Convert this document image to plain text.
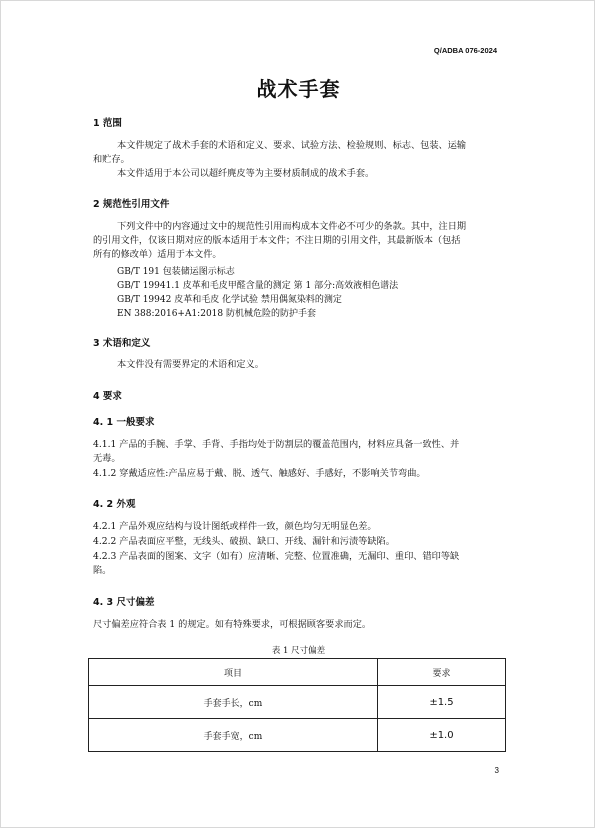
Q/ADBA 076-2024
战术手套
1 范围
本文件规定了战术手套的术语和定义、要求、试验方法、检验规则、标志、包装、运输
和贮存。
本文件适用于本公司以超纤麂皮等为主要材质制成的战术手套。
2 规范性引用文件
下列文件中的内容通过文中的规范性引用而构成本文件必不可少的条款。其中，注日期
的引用文件，仅该日期对应的版本适用于本文件；不注日期的引用文件，其最新版本（包括
所有的修改单）适用于本文件。
GB/T 191 包装储运图示标志
GB/T 19941.1 皮革和毛皮甲醛含量的测定 第 1 部分:高效液相色谱法
GB/T 19942 皮革和毛皮 化学试验 禁用偶氮染料的测定
EN 388:2016+A1:2018 防机械危险的防护手套
3 术语和定义
本文件没有需要界定的术语和定义。
4 要求
4. 1 一般要求
4.1.1 产品的手腕、手掌、手背、手指均处于防割层的覆盖范围内，材料应具备一致性、并
无毒。
4.1.2 穿戴适应性:产品应易于戴、脱、透气、触感好、手感好，不影响关节弯曲。
4. 2 外观
4.2.1 产品外观应结构与设计图纸或样件一致，颜色均匀无明显色差。
4.2.2 产品表面应平整，无线头、破损、缺口、开线、漏针和污渍等缺陷。
4.2.3 产品表面的图案、文字（如有）应清晰、完整、位置准确，无漏印、重印、错印等缺
陷。
4. 3 尺寸偏差
尺寸偏差应符合表 1 的规定。如有特殊要求，可根据顾客要求而定。
表 1 尺寸偏差
项目	要求
手套手长，cm	±1.5
手套手宽，cm	±1.0
3
